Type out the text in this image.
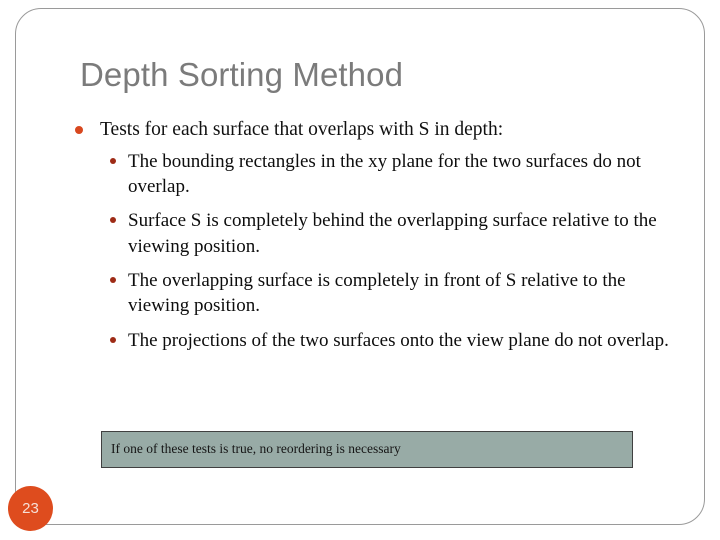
Depth Sorting Method
Tests for each surface that overlaps with S in depth:
The bounding rectangles in the xy plane for the two surfaces do not overlap.
Surface S is completely behind the overlapping surface relative to the viewing position.
The overlapping surface is completely in front of S relative to the viewing position.
The projections of the two surfaces onto the view plane do not overlap.
If one of these tests is true, no reordering is necessary
23
